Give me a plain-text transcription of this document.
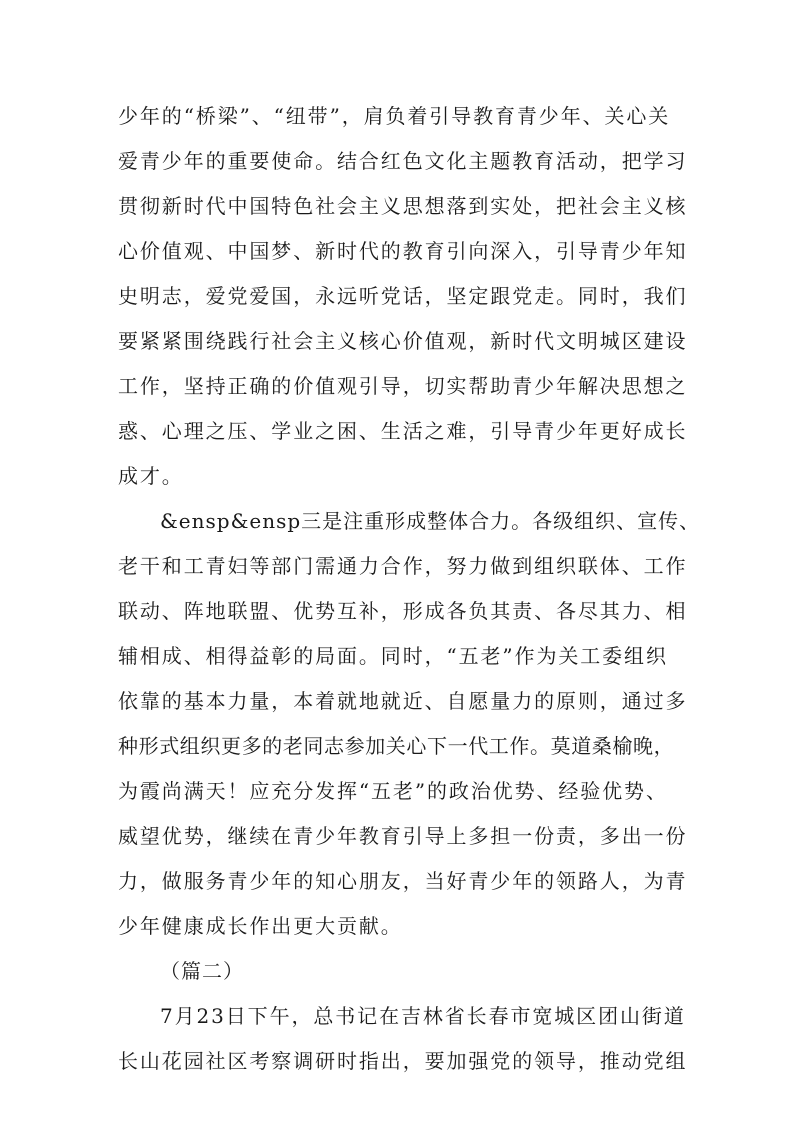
少年的“桥梁”、“纽带”，肩负着引导教育青少年、关心关
爱青少年的重要使命。结合红色文化主题教育活动，把学习
贯彻新时代中国特色社会主义思想落到实处，把社会主义核
心价值观、中国梦、新时代的教育引向深入，引导青少年知
史明志，爱党爱国，永远听党话，坚定跟党走。同时，我们
要紧紧围绕践行社会主义核心价值观，新时代文明城区建设
工作，坚持正确的价值观引导，切实帮助青少年解决思想之
惑、心理之压、学业之困、生活之难，引导青少年更好成长
成才。
&ensp&ensp三是注重形成整体合力。各级组织、宣传、
老干和工青妇等部门需通力合作，努力做到组织联体、工作
联动、阵地联盟、优势互补，形成各负其责、各尽其力、相
辅相成、相得益彰的局面。同时，“五老”作为关工委组织
依靠的基本力量，本着就地就近、自愿量力的原则，通过多
种形式组织更多的老同志参加关心下一代工作。莫道桑榆晚，
为霞尚满天！应充分发挥“五老”的政治优势、经验优势、
威望优势，继续在青少年教育引导上多担一份责，多出一份
力，做服务青少年的知心朋友，当好青少年的领路人，为青
少年健康成长作出更大贡献。
（篇二）
7月23日下午，总书记在吉林省长春市宽城区团山街道
长山花园社区考察调研时指出，要加强党的领导，推动党组
